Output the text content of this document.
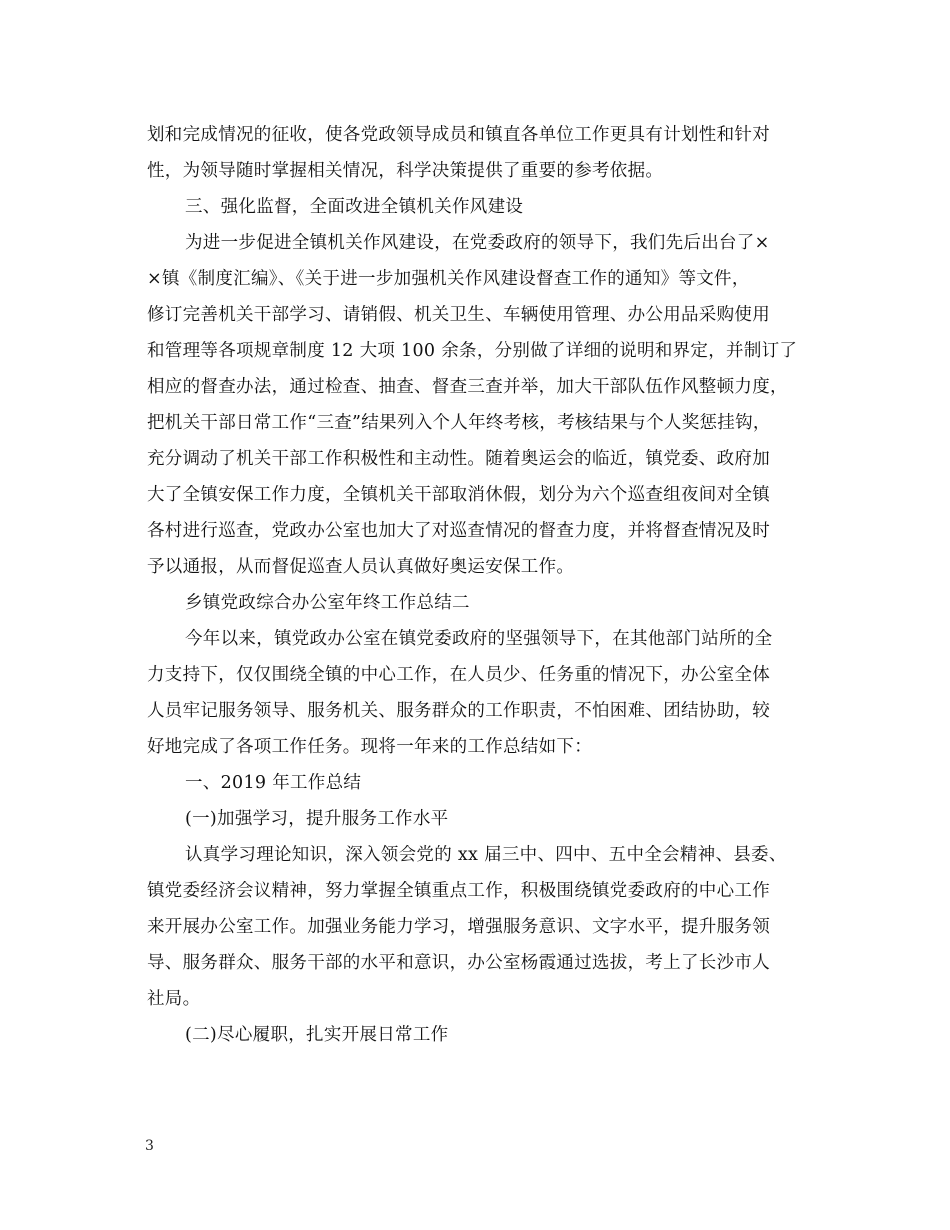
划和完成情况的征收，使各党政领导成员和镇直各单位工作更具有计划性和针对
性，为领导随时掌握相关情况，科学决策提供了重要的参考依据。

三、强化监督，全面改进全镇机关作风建设

为进一步促进全镇机关作风建设，在党委政府的领导下，我们先后出台了×
×镇《制度汇编》、《关于进一步加强机关作风建设督查工作的通知》等文件，
修订完善机关干部学习、请销假、机关卫生、车辆使用管理、办公用品采购使用
和管理等各项规章制度 12 大项 100 余条，分别做了详细的说明和界定，并制订了
相应的督查办法，通过检查、抽查、督查三查并举，加大干部队伍作风整顿力度，
把机关干部日常工作“三查”结果列入个人年终考核，考核结果与个人奖惩挂钩，
充分调动了机关干部工作积极性和主动性。随着奥运会的临近，镇党委、政府加
大了全镇安保工作力度，全镇机关干部取消休假，划分为六个巡查组夜间对全镇
各村进行巡查，党政办公室也加大了对巡查情况的督查力度，并将督查情况及时
予以通报，从而督促巡查人员认真做好奥运安保工作。

乡镇党政综合办公室年终工作总结二

今年以来，镇党政办公室在镇党委政府的坚强领导下，在其他部门站所的全
力支持下，仅仅围绕全镇的中心工作，在人员少、任务重的情况下，办公室全体
人员牢记服务领导、服务机关、服务群众的工作职责，不怕困难、团结协助，较
好地完成了各项工作任务。现将一年来的工作总结如下：

一、2019 年工作总结

(一)加强学习，提升服务工作水平

认真学习理论知识，深入领会党的 xx 届三中、四中、五中全会精神、县委、
镇党委经济会议精神，努力掌握全镇重点工作，积极围绕镇党委政府的中心工作
来开展办公室工作。加强业务能力学习，增强服务意识、文字水平，提升服务领
导、服务群众、服务干部的水平和意识，办公室杨霞通过选拔，考上了长沙市人
社局。

(二)尽心履职，扎实开展日常工作

3
